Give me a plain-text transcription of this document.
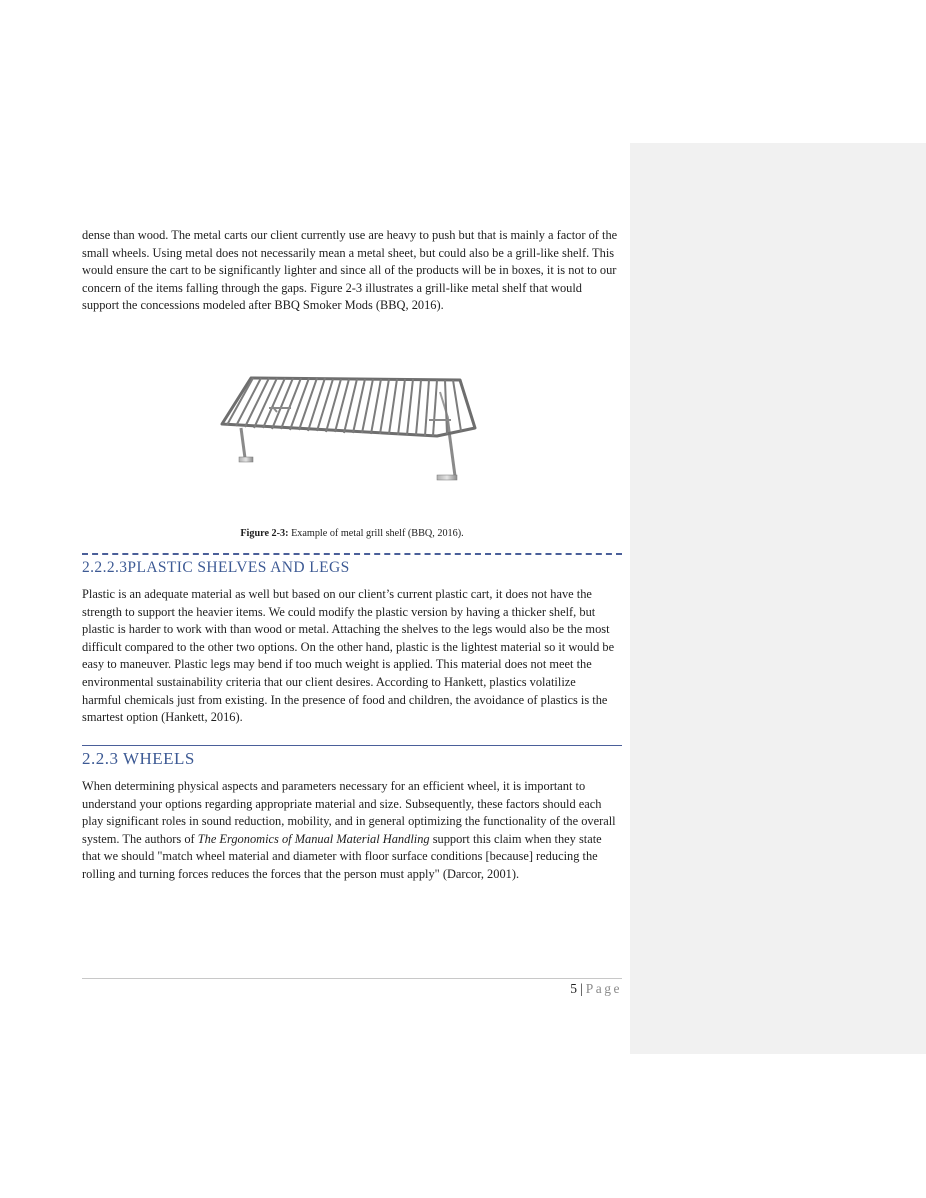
dense than wood. The metal carts our client currently use are heavy to push but that is mainly a factor of the small wheels. Using metal does not necessarily mean a metal sheet, but could also be a grill-like shelf. This would ensure the cart to be significantly lighter and since all of the products will be in boxes, it is not to our concern of the items falling through the gaps. Figure 2-3 illustrates a grill-like metal shelf that would support the concessions modeled after BBQ Smoker Mods (BBQ, 2016).

Figure 2-3: Example of metal grill shelf (BBQ, 2016).
2.2.2.3PLASTIC SHELVES AND LEGS

Plastic is an adequate material as well but based on our client’s current plastic cart, it does not have the strength to support the heavier items. We could modify the plastic version by having a thicker shelf, but plastic is harder to work with than wood or metal. Attaching the shelves to the legs would also be the most difficult compared to the other two options. On the other hand, plastic is the lightest material so it would be easy to maneuver. Plastic legs may bend if too much weight is applied. This material does not meet the environmental sustainability criteria that our client desires. According to Hankett, plastics volatilize harmful chemicals just from existing. In the presence of food and children, the avoidance of plastics is the smartest option (Hankett, 2016).

2.2.3 WHEELS

When determining physical aspects and parameters necessary for an efficient wheel, it is important to understand your options regarding appropriate material and size. Subsequently, these factors should each play significant roles in sound reduction, mobility, and in general optimizing the functionality of the overall system. The authors of The Ergonomics of Manual Material Handling support this claim when they state that we should "match wheel material and diameter with floor surface conditions [because] reducing the rolling and turning forces reduces the forces that the person must apply" (Darcor, 2001).

5 | Page
